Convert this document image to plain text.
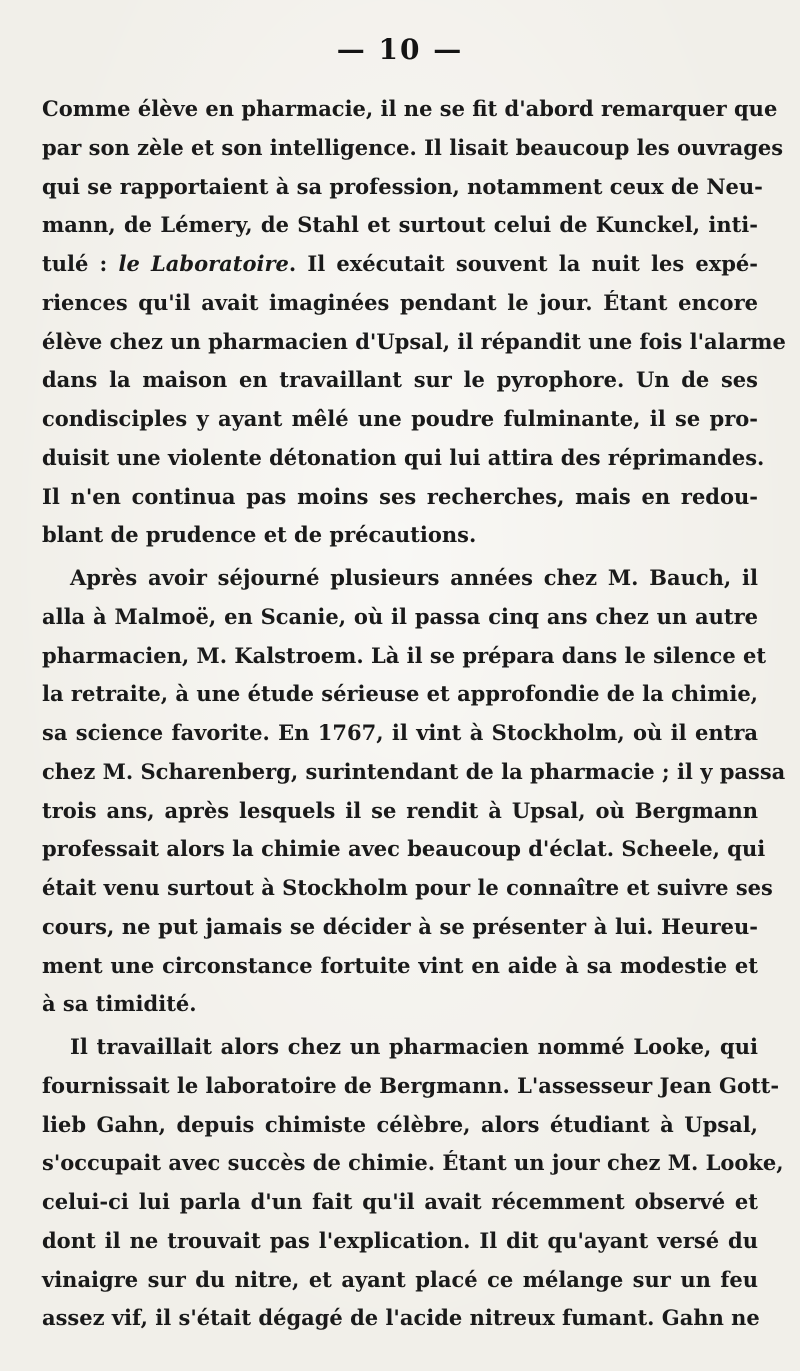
— 10 —

Comme élève en pharmacie, il ne se fit d'abord remarquer que
par son zèle et son intelligence. Il lisait beaucoup les ouvrages
qui se rapportaient à sa profession, notamment ceux de Neu-
mann, de Lémery, de Stahl et surtout celui de Kunckel, inti-
tulé : le Laboratoire. Il exécutait souvent la nuit les expé-
riences qu'il avait imaginées pendant le jour. Étant encore
élève chez un pharmacien d'Upsal, il répandit une fois l'alarme
dans la maison en travaillant sur le pyrophore. Un de ses
condisciples y ayant mêlé une poudre fulminante, il se pro-
duisit une violente détonation qui lui attira des réprimandes.
Il n'en continua pas moins ses recherches, mais en redou-
blant de prudence et de précautions.

Après avoir séjourné plusieurs années chez M. Bauch, il
alla à Malmoë, en Scanie, où il passa cinq ans chez un autre
pharmacien, M. Kalstroem. Là il se prépara dans le silence et
la retraite, à une étude sérieuse et approfondie de la chimie,
sa science favorite. En 1767, il vint à Stockholm, où il entra
chez M. Scharenberg, surintendant de la pharmacie ; il y passa
trois ans, après lesquels il se rendit à Upsal, où Bergmann
professait alors la chimie avec beaucoup d'éclat. Scheele, qui
était venu surtout à Stockholm pour le connaître et suivre ses
cours, ne put jamais se décider à se présenter à lui. Heureu-
ment une circonstance fortuite vint en aide à sa modestie et
à sa timidité.

Il travaillait alors chez un pharmacien nommé Looke, qui
fournissait le laboratoire de Bergmann. L'assesseur Jean Gott-
lieb Gahn, depuis chimiste célèbre, alors étudiant à Upsal,
s'occupait avec succès de chimie. Étant un jour chez M. Looke,
celui-ci lui parla d'un fait qu'il avait récemment observé et
dont il ne trouvait pas l'explication. Il dit qu'ayant versé du
vinaigre sur du nitre, et ayant placé ce mélange sur un feu
assez vif, il s'était dégagé de l'acide nitreux fumant. Gahn ne
